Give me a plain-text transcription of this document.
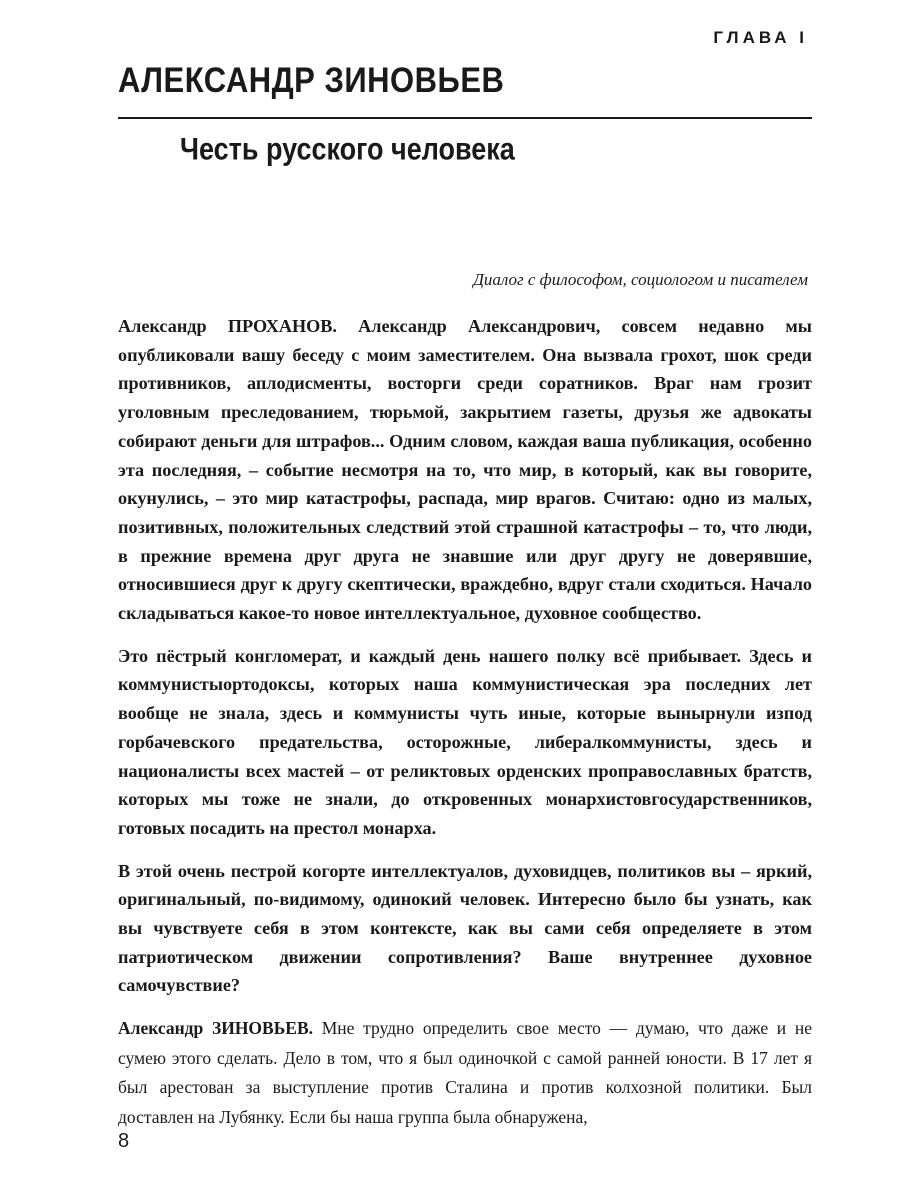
ГЛАВА I
АЛЕКСАНДР ЗИНОВЬЕВ
Честь русского человека
Диалог с философом, социологом и писателем

Александр ПРОХАНОВ. Александр Александрович, совсем недавно мы опубликовали вашу беседу с моим заместителем. Она вызвала грохот, шок среди противников, аплодисменты, восторги среди соратников. Враг нам грозит уголовным преследованием, тюрьмой, закрытием газеты, друзья же адвокаты собирают деньги для штрафов... Одним словом, каждая ваша публикация, особенно эта последняя, – событие несмотря на то, что мир, в который, как вы говорите, окунулись, – это мир катастрофы, распада, мир врагов. Считаю: одно из малых, позитивных, положительных следствий этой страшной катастрофы – то, что люди, в прежние времена друг друга не знавшие или друг другу не доверявшие, относившиеся друг к другу скептически, враждебно, вдруг стали сходиться. Начало складываться какое-то новое интеллектуальное, духовное сообщество.

Это пёстрый конгломерат, и каждый день нашего полку всё прибывает. Здесь и коммунистыортодоксы, которых наша коммунистическая эра последних лет вообще не знала, здесь и коммунисты чуть иные, которые вынырнули изпод горбачевского предательства, осторожные, либералкоммунисты, здесь и националисты всех мастей – от реликтовых орденских проправославных братств, которых мы тоже не знали, до откровенных монархистовгосударственников, готовых посадить на престол монарха.

В этой очень пестрой когорте интеллектуалов, духовидцев, политиков вы – яркий, оригинальный, по-видимому, одинокий человек. Интересно было бы узнать, как вы чувствуете себя в этом контексте, как вы сами себя определяете в этом патриотическом движении сопротивления? Ваше внутреннее духовное самочувствие?

Александр ЗИНОВЬЕВ. Мне трудно определить свое место — думаю, что даже и не сумею этого сделать. Дело в том, что я был одиночкой с самой ранней юности. В 17 лет я был арестован за выступление против Сталина и против колхозной политики. Был доставлен на Лубянку. Если бы наша группа была обнаружена,

8
